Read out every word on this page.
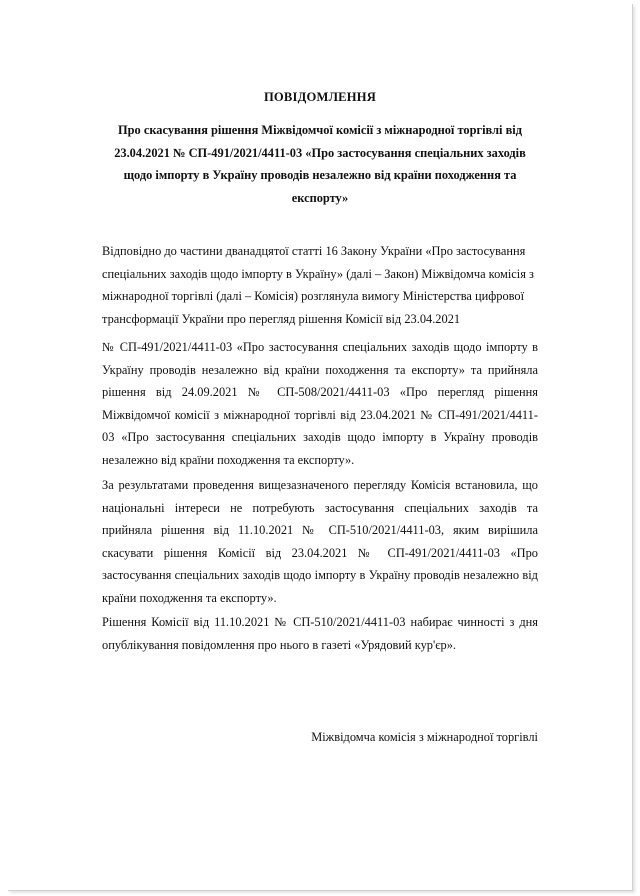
ПОВІДОМЛЕННЯ
Про скасування рішення Міжвідомчої комісії з міжнародної торгівлі від 23.04.2021 № СП-491/2021/4411-03 «Про застосування спеціальних заходів щодо імпорту в Україну проводів незалежно від країни походження та експорту»

Відповідно до частини дванадцятої статті 16 Закону України «Про застосування спеціальних заходів щодо імпорту в Україну» (далі – Закон) Міжвідомча комісія з міжнародної торгівлі (далі – Комісія) розглянула вимогу Міністерства цифрової трансформації України про перегляд рішення Комісії від 23.04.2021

№ СП-491/2021/4411-03 «Про застосування спеціальних заходів щодо імпорту в Україну проводів незалежно від країни походження та експорту» та прийняла рішення від 24.09.2021 № СП-508/2021/4411-03 «Про перегляд рішення Міжвідомчої комісії з міжнародної торгівлі від 23.04.2021 № СП-491/2021/4411-03 «Про застосування спеціальних заходів щодо імпорту в Україну проводів незалежно від країни походження та експорту».

За результатами проведення вищезазначеного перегляду Комісія встановила, що національні інтереси не потребують застосування спеціальних заходів та прийняла рішення від 11.10.2021 № СП-510/2021/4411-03, яким вирішила скасувати рішення Комісії від 23.04.2021 № СП-491/2021/4411-03 «Про застосування спеціальних заходів щодо імпорту в Україну проводів незалежно від країни походження та експорту».

Рішення Комісії від 11.10.2021 № СП-510/2021/4411-03 набирає чинності з дня опублікування повідомлення про нього в газеті «Урядовий кур'єр».

Міжвідомча комісія з міжнародної торгівлі
